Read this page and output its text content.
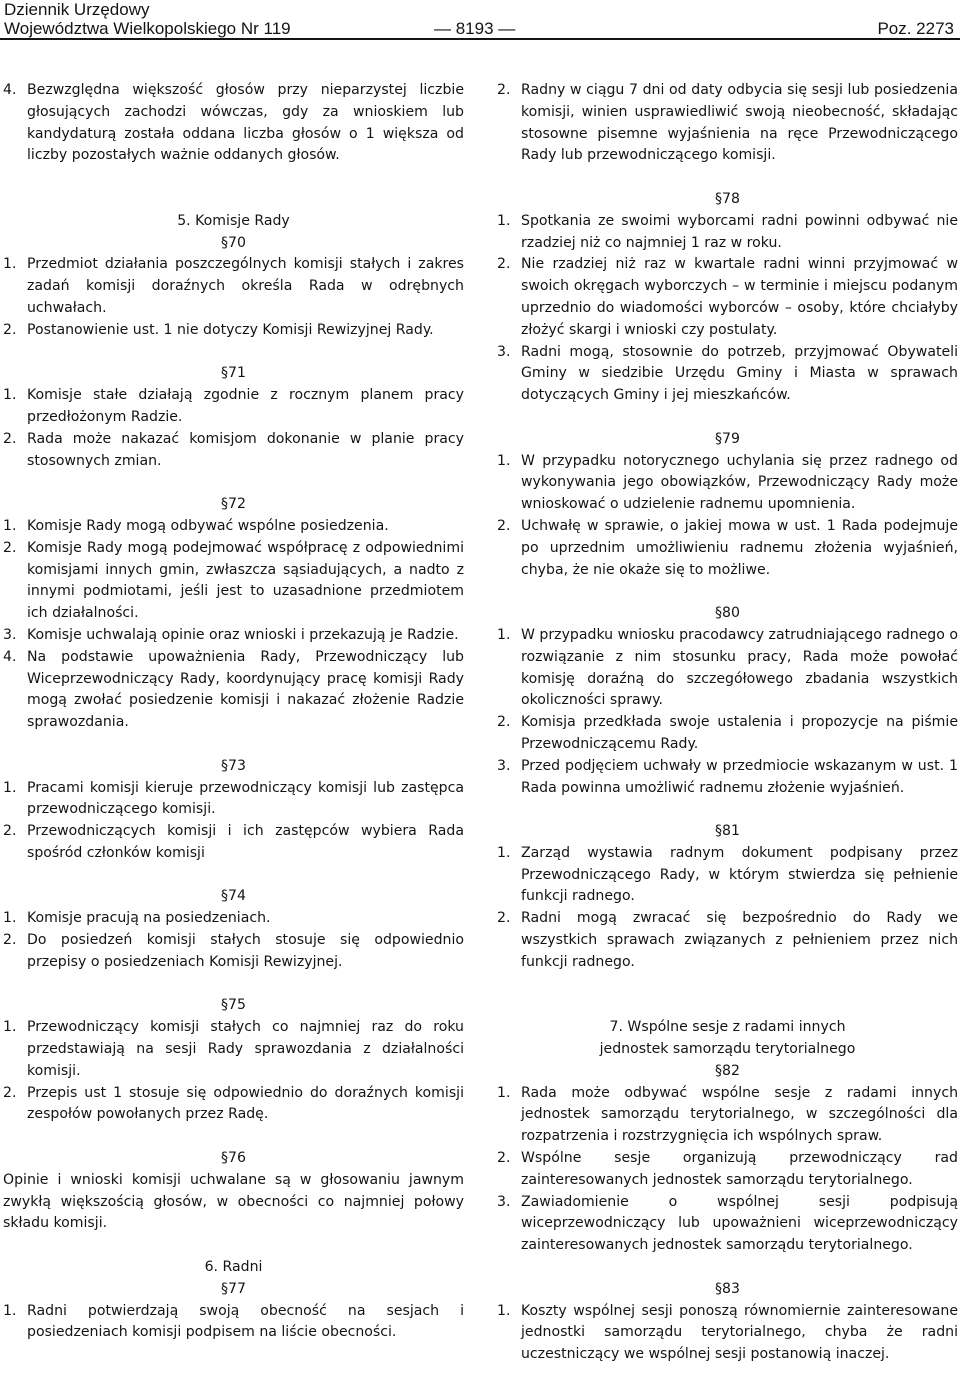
Dziennik Urzędowy
Województwa Wielkopolskiego Nr 119	— 8193 —	Poz. 2273
4. Bezwzględna większość głosów przy nieparzystej liczbie głosujących zachodzi wówczas, gdy za wnioskiem lub kandydaturą została oddana liczba głosów o 1 większa od liczby pozostałych ważnie oddanych głosów.

5. Komisje Rady

§70

1. Przedmiot działania poszczególnych komisji stałych i zakres zadań komisji doraźnych określa Rada w odrębnych uchwałach.
2. Postanowienie ust. 1 nie dotyczy Komisji Rewizyjnej Rady.

§71

1. Komisje stałe działają zgodnie z rocznym planem pracy przedłożonym Radzie.
2. Rada może nakazać komisjom dokonanie w planie pracy stosownych zmian.

§72

1. Komisje Rady mogą odbywać wspólne posiedzenia.
2. Komisje Rady mogą podejmować współpracę z odpowiednimi komisjami innych gmin, zwłaszcza sąsiadujących, a nadto z innymi podmiotami, jeśli jest to uzasadnione przedmiotem ich działalności.
3. Komisje uchwalają opinie oraz wnioski i przekazują je Radzie.
4. Na podstawie upoważnienia Rady, Przewodniczący lub Wiceprzewodniczący Rady, koordynujący pracę komisji Rady mogą zwołać posiedzenie komisji i nakazać złożenie Radzie sprawozdania.

§73

1. Pracami komisji kieruje przewodniczący komisji lub zastępca przewodniczącego komisji.
2. Przewodniczących komisji i ich zastępców wybiera Rada spośród członków komisji

§74

1. Komisje pracują na posiedzeniach.
2. Do posiedzeń komisji stałych stosuje się odpowiednio przepisy o posiedzeniach Komisji Rewizyjnej.

§75

1. Przewodniczący komisji stałych co najmniej raz do roku przedstawiają na sesji Rady sprawozdania z działalności komisji.
2. Przepis ust 1 stosuje się odpowiednio do doraźnych komisji zespołów powołanych przez Radę.

§76

Opinie i wnioski komisji uchwalane są w głosowaniu jawnym zwykłą większością głosów, w obecności co najmniej połowy składu komisji.

6. Radni

§77

1. Radni potwierdzają swoją obecność na sesjach i posiedzeniach komisji podpisem na liście obecności.
2. Radny w ciągu 7 dni od daty odbycia się sesji lub posiedzenia komisji, winien usprawiedliwić swoją nieobecność, składając stosowne pisemne wyjaśnienia na ręce Przewodniczącego Rady lub przewodniczącego komisji.

§78

1. Spotkania ze swoimi wyborcami radni powinni odbywać nie rzadziej niż co najmniej 1 raz w roku.
2. Nie rzadziej niż raz w kwartale radni winni przyjmować w swoich okręgach wyborczych – w terminie i miejscu podanym uprzednio do wiadomości wyborców – osoby, które chciałyby złożyć skargi i wnioski czy postulaty.
3. Radni mogą, stosownie do potrzeb, przyjmować Obywateli Gminy w siedzibie Urzędu Gminy i Miasta w sprawach dotyczących Gminy i jej mieszkańców.

§79

1. W przypadku notorycznego uchylania się przez radnego od wykonywania jego obowiązków, Przewodniczący Rady może wnioskować o udzielenie radnemu upomnienia.
2. Uchwałę w sprawie, o jakiej mowa w ust. 1 Rada podejmuje po uprzednim umożliwieniu radnemu złożenia wyjaśnień, chyba, że nie okaże się to możliwe.

§80

1. W przypadku wniosku pracodawcy zatrudniającego radnego o rozwiązanie z nim stosunku pracy, Rada może powołać komisję doraźną do szczegółowego zbadania wszystkich okoliczności sprawy.
2. Komisja przedkłada swoje ustalenia i propozycje na piśmie Przewodniczącemu Rady.
3. Przed podjęciem uchwały w przedmiocie wskazanym w ust. 1 Rada powinna umożliwić radnemu złożenie wyjaśnień.

§81

1. Zarząd wystawia radnym dokument podpisany przez Przewodniczącego Rady, w którym stwierdza się pełnienie funkcji radnego.
2. Radni mogą zwracać się bezpośrednio do Rady we wszystkich sprawach związanych z pełnieniem przez nich funkcji radnego.

7. Wspólne sesje z radami innych

jednostek samorządu terytorialnego

§82

1. Rada może odbywać wspólne sesje z radami innych jednostek samorządu terytorialnego, w szczególności dla rozpatrzenia i rozstrzygnięcia ich wspólnych spraw.
2. Wspólne sesje organizują przewodniczący rad zainteresowanych jednostek samorządu terytorialnego.
3. Zawiadomienie o wspólnej sesji podpisują wiceprzewodniczący lub upoważnieni wiceprzewodniczący zainteresowanych jednostek samorządu terytorialnego.

§83

1. Koszty wspólnej sesji ponoszą równomiernie zainteresowane jednostki samorządu terytorialnego, chyba że radni uczestniczący we wspólnej sesji postanowią inaczej.
